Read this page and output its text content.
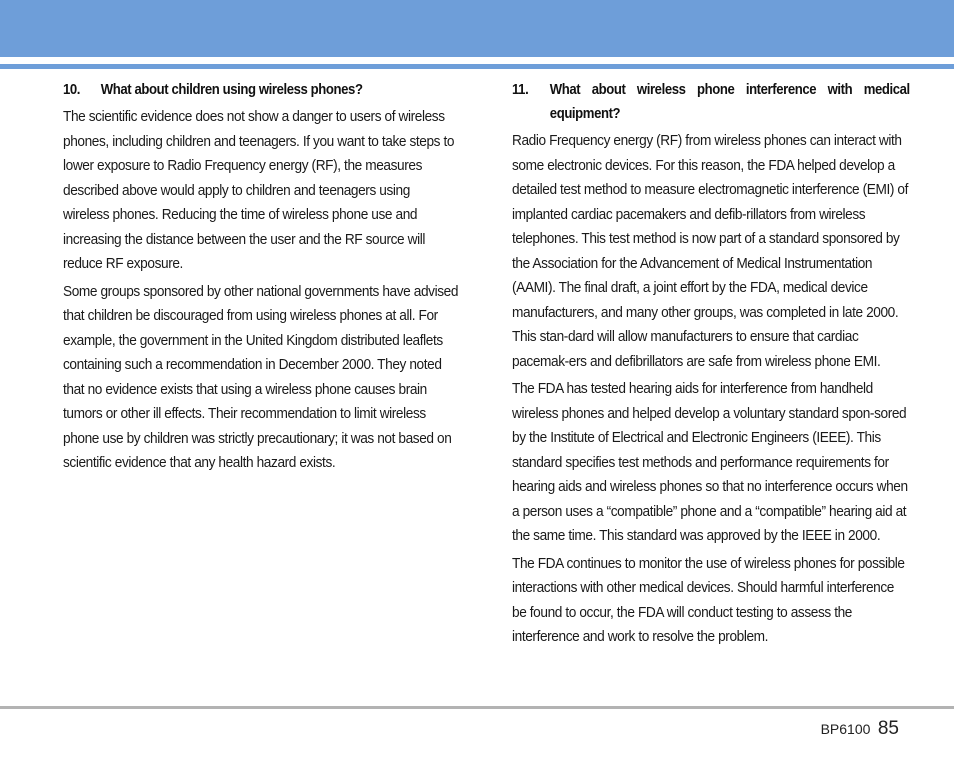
10.	What about children using wireless phones?

The scientific evidence does not show a danger to users of wireless phones, including children and teenagers. If you want to take steps to lower exposure to Radio Frequency energy (RF), the measures described above would apply to children and teenagers using wireless phones. Reducing the time of wireless phone use and increasing the distance between the user and the RF source will reduce RF exposure.

Some groups sponsored by other national governments have advised that children be discouraged from using wireless phones at all. For example, the government in the United Kingdom distributed leaflets containing such a recommendation in December 2000. They noted that no evidence exists that using a wireless phone causes brain tumors or other ill effects. Their recommendation to limit wireless phone use by children was strictly precautionary; it was not based on scientific evidence that any health hazard exists.

11.	What about wireless phone interference with medical equipment?

Radio Frequency energy (RF) from wireless phones can interact with some electronic devices. For this reason, the FDA helped develop a detailed test method to measure electromagnetic interference (EMI) of implanted cardiac pacemakers and defib-rillators from wireless telephones. This test method is now part of a standard sponsored by the Association for the Advancement of Medical Instrumentation (AAMI). The final draft, a joint effort by the FDA, medical device manufacturers, and many other groups, was completed in late 2000. This stan-dard will allow manufacturers to ensure that cardiac pacemak-ers and defibrillators are safe from wireless phone EMI.

The FDA has tested hearing aids for interference from handheld wireless phones and helped develop a voluntary standard spon-sored by the Institute of Electrical and Electronic Engineers (IEEE). This standard specifies test methods and performance requirements for hearing aids and wireless phones so that no interference occurs when a person uses a “compatible” phone and a “compatible” hearing aid at the same time. This standard was approved by the IEEE in 2000.

The FDA continues to monitor the use of wireless phones for possible interactions with other medical devices. Should harmful interference be found to occur, the FDA will conduct testing to assess the interference and work to resolve the problem.

BP6100 85
